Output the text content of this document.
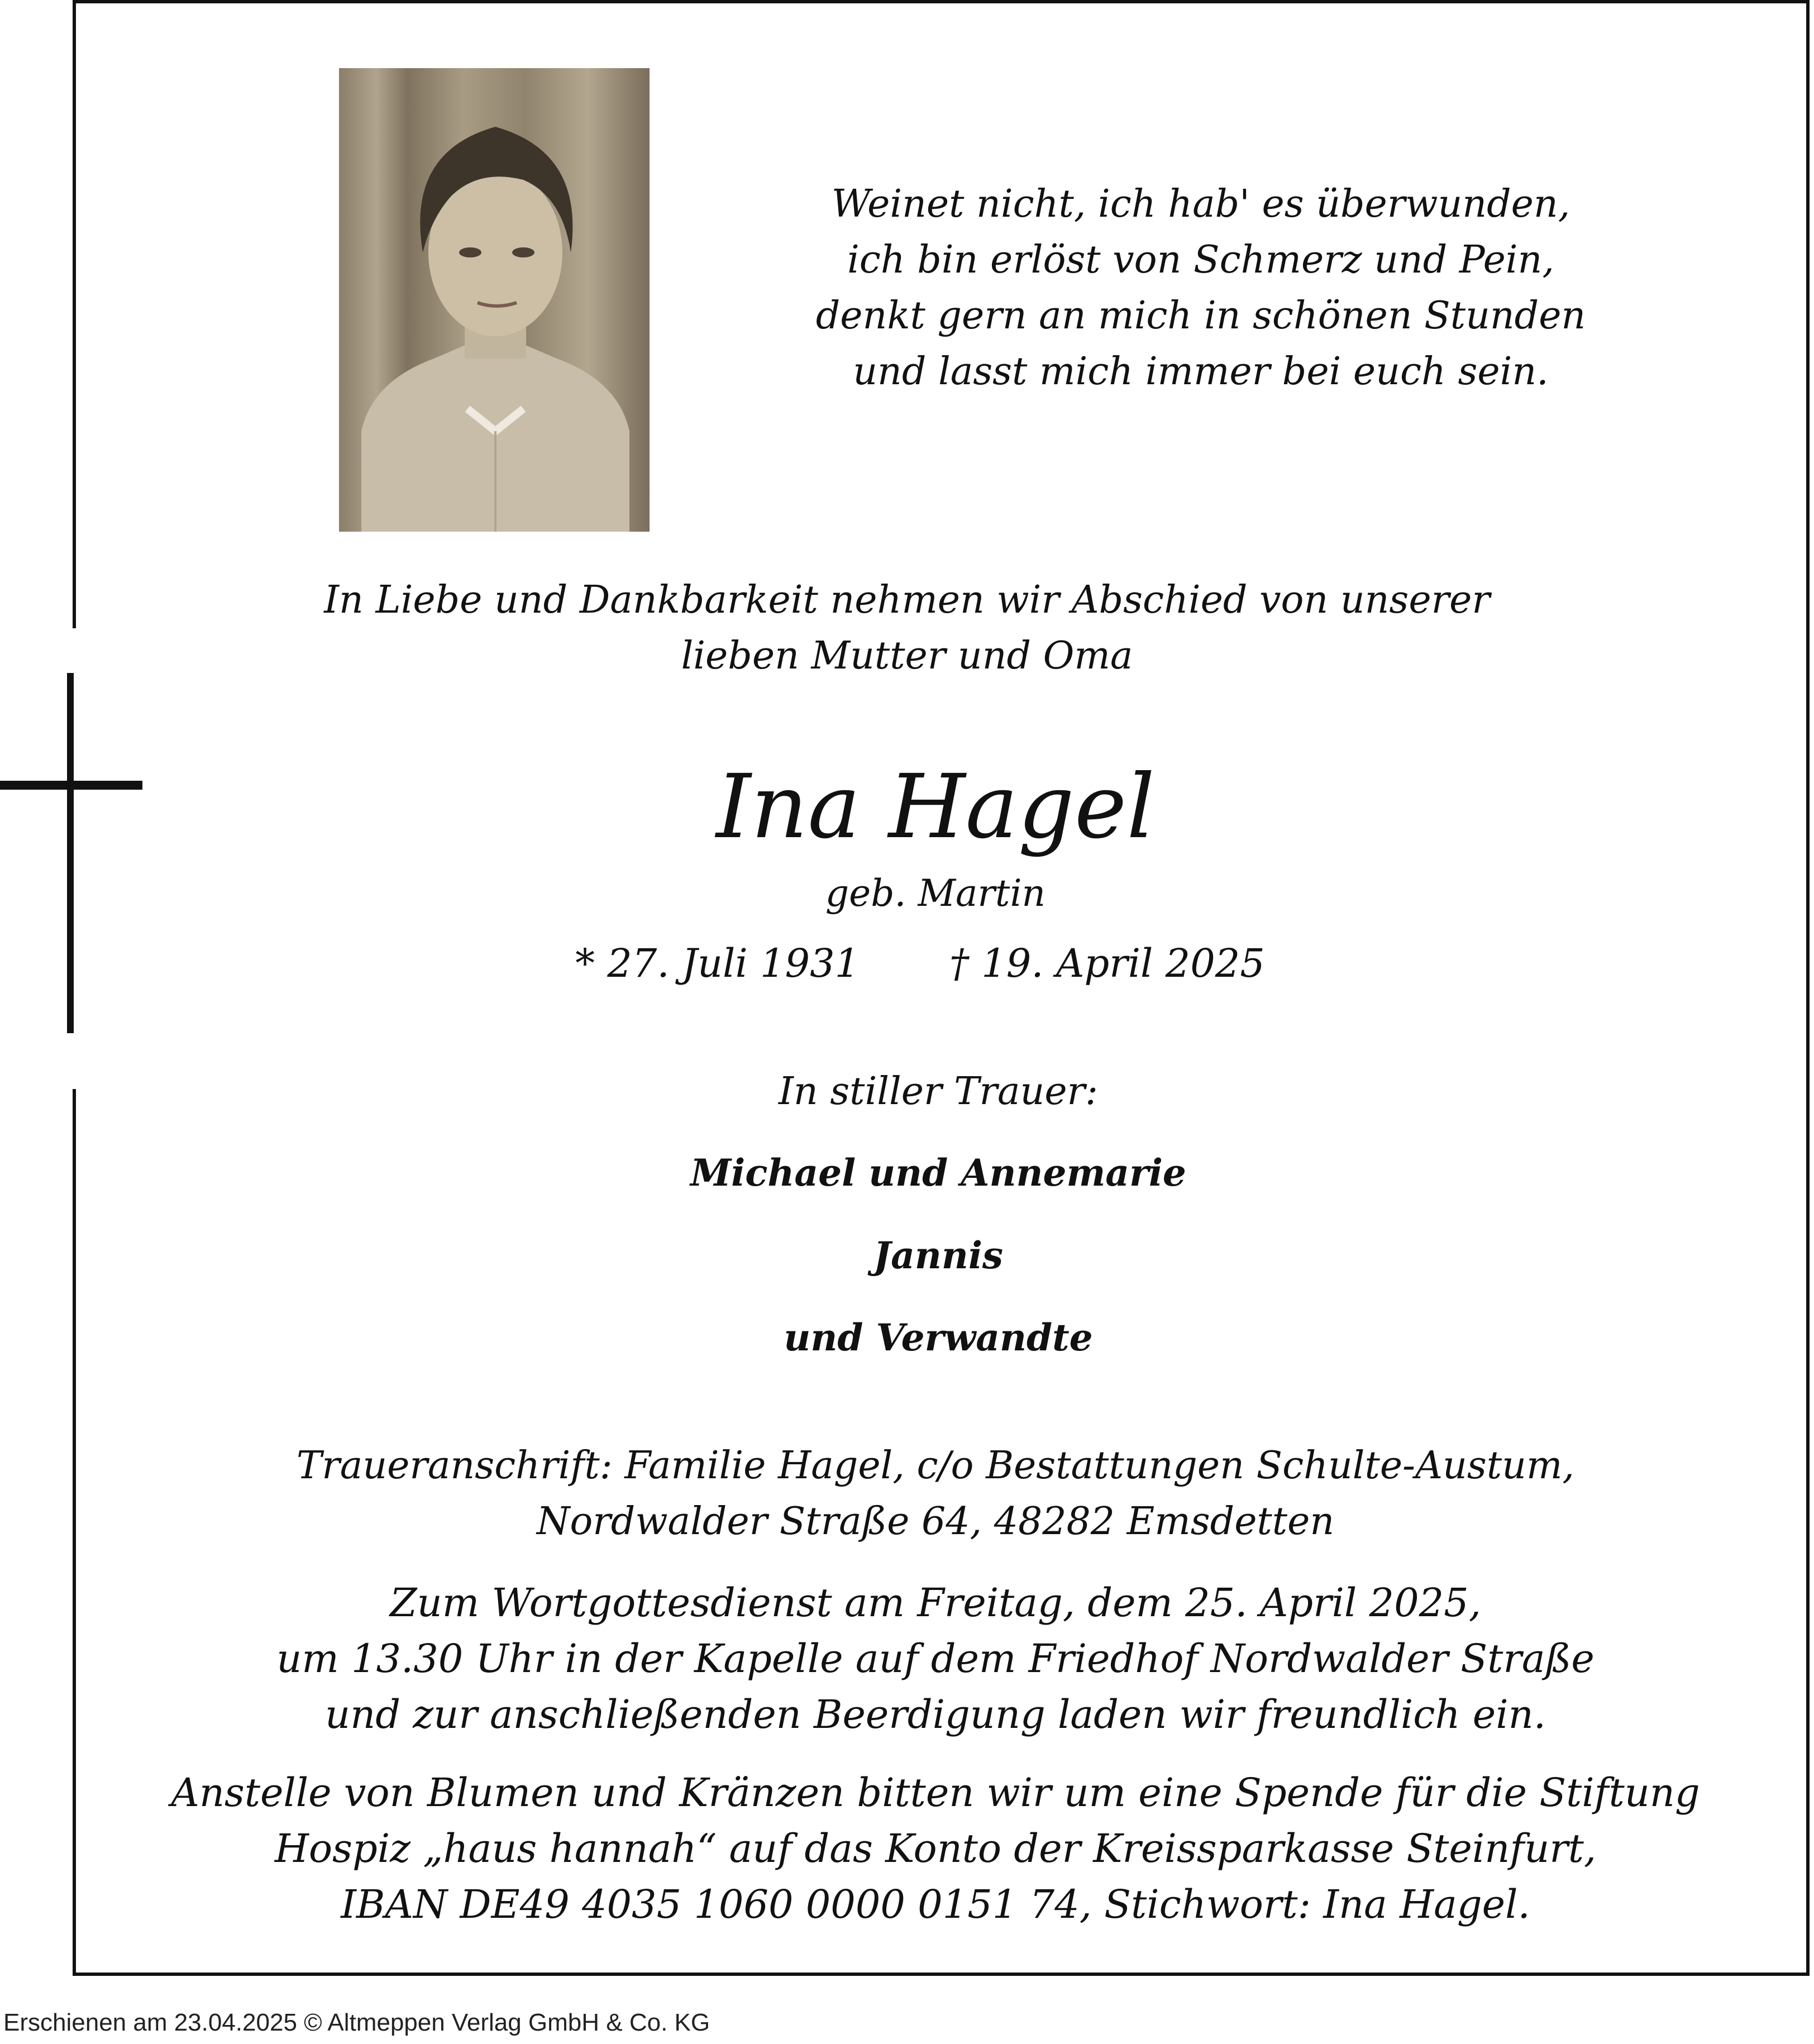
Weinet nicht, ich hab' es überwunden,
ich bin erlöst von Schmerz und Pein,
denkt gern an mich in schönen Stunden
und lasst mich immer bei euch sein.
In Liebe und Dankbarkeit nehmen wir Abschied von unserer
lieben Mutter und Oma
Ina Hagel
geb. Martin
* 27. Juli 1931 † 19. April 2025
In stiller Trauer:
Michael und Annemarie
Jannis
und Verwandte
Traueranschrift: Familie Hagel, c/o Bestattungen Schulte-Austum,
Nordwalder Straße 64, 48282 Emsdetten
Zum Wortgottesdienst am Freitag, dem 25. April 2025,
um 13.30 Uhr in der Kapelle auf dem Friedhof Nordwalder Straße
und zur anschließenden Beerdigung laden wir freundlich ein.
Anstelle von Blumen und Kränzen bitten wir um eine Spende für die Stiftung
Hospiz „haus hannah“ auf das Konto der Kreissparkasse Steinfurt,
IBAN DE49 4035 1060 0000 0151 74, Stichwort: Ina Hagel.
Erschienen am 23.04.2025 © Altmeppen Verlag GmbH & Co. KG
